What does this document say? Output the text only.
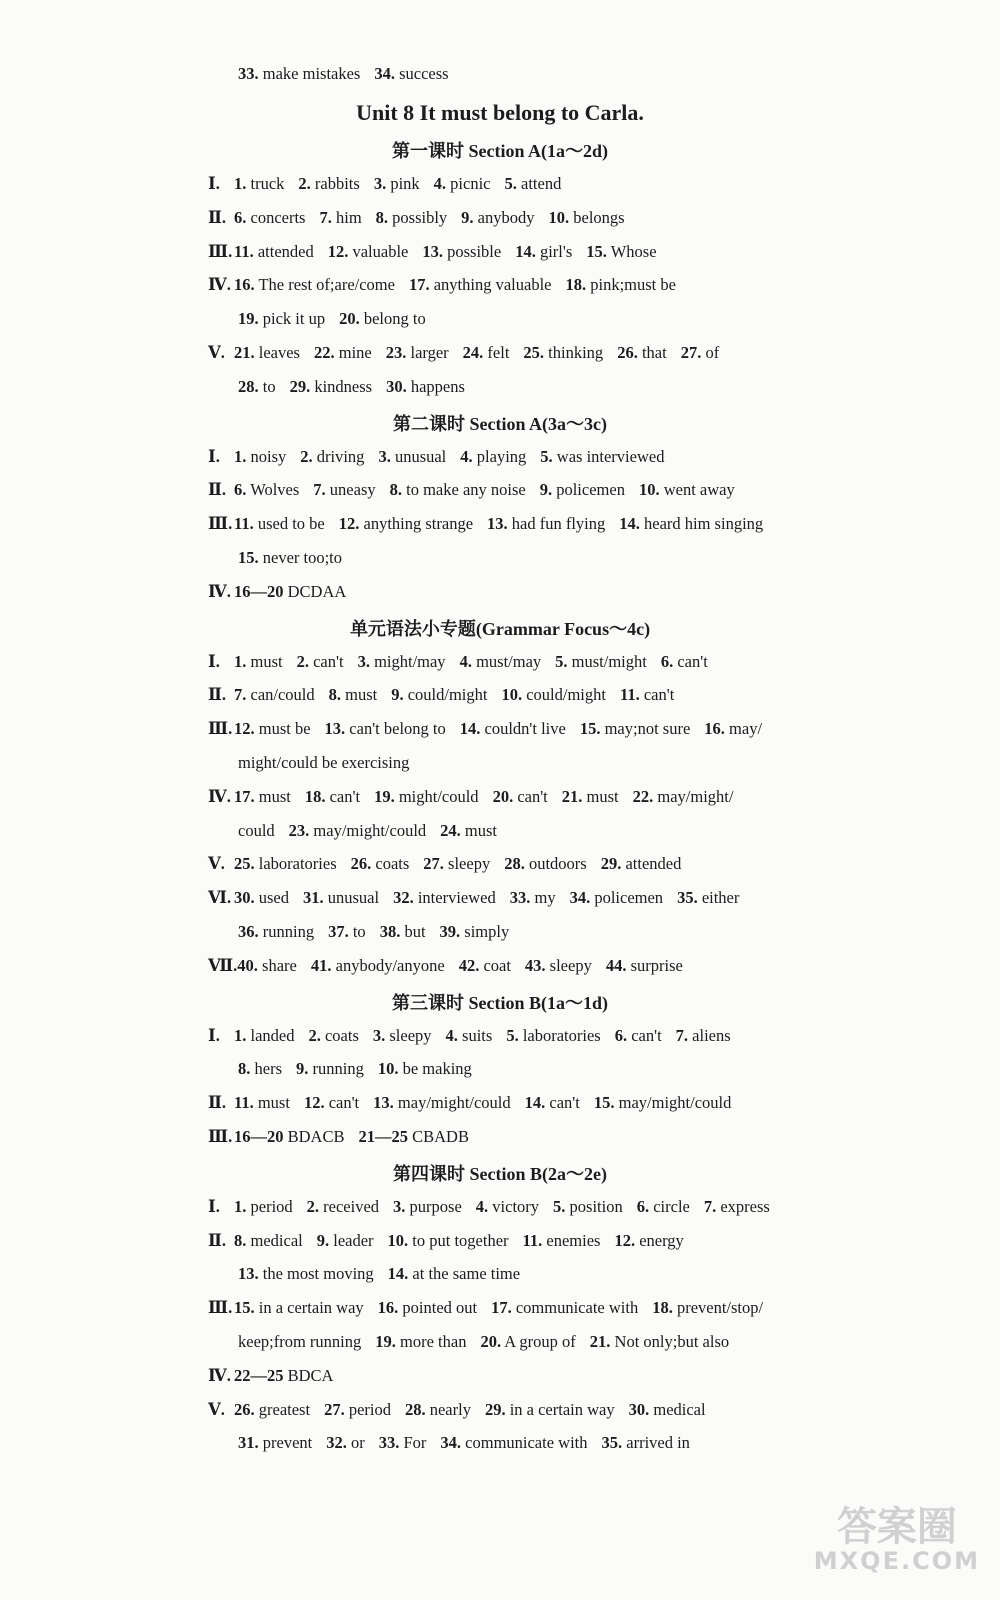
33. make mistakes 34. success
Unit 8 It must belong to Carla.
第一课时 Section A(1a～2d)
Ⅰ. 1. truck 2. rabbits 3. pink 4. picnic 5. attend
Ⅱ. 6. concerts 7. him 8. possibly 9. anybody 10. belongs
Ⅲ. 11. attended 12. valuable 13. possible 14. girl's 15. Whose
Ⅳ. 16. The rest of;are/come 17. anything valuable 18. pink;must be
19. pick it up 20. belong to
Ⅴ. 21. leaves 22. mine 23. larger 24. felt 25. thinking 26. that 27. of
28. to 29. kindness 30. happens
第二课时 Section A(3a～3c)
Ⅰ. 1. noisy 2. driving 3. unusual 4. playing 5. was interviewed
Ⅱ. 6. Wolves 7. uneasy 8. to make any noise 9. policemen 10. went away
Ⅲ. 11. used to be 12. anything strange 13. had fun flying 14. heard him singing
15. never too;to
Ⅳ. 16—20 DCDAA
单元语法小专题(Grammar Focus～4c)
Ⅰ. 1. must 2. can't 3. might/may 4. must/may 5. must/might 6. can't
Ⅱ. 7. can/could 8. must 9. could/might 10. could/might 11. can't
Ⅲ. 12. must be 13. can't belong to 14. couldn't live 15. may;not sure 16. may/
might/could be exercising
Ⅳ. 17. must 18. can't 19. might/could 20. can't 21. must 22. may/might/
could 23. may/might/could 24. must
Ⅴ. 25. laboratories 26. coats 27. sleepy 28. outdoors 29. attended
Ⅵ. 30. used 31. unusual 32. interviewed 33. my 34. policemen 35. either
36. running 37. to 38. but 39. simply
Ⅶ.40. share 41. anybody/anyone 42. coat 43. sleepy 44. surprise
第三课时 Section B(1a～1d)
Ⅰ. 1. landed 2. coats 3. sleepy 4. suits 5. laboratories 6. can't 7. aliens
8. hers 9. running 10. be making
Ⅱ. 11. must 12. can't 13. may/might/could 14. can't 15. may/might/could
Ⅲ. 16—20 BDACB 21—25 CBADB
第四课时 Section B(2a～2e)
Ⅰ. 1. period 2. received 3. purpose 4. victory 5. position 6. circle 7. express
Ⅱ. 8. medical 9. leader 10. to put together 11. enemies 12. energy
13. the most moving 14. at the same time
Ⅲ. 15. in a certain way 16. pointed out 17. communicate with 18. prevent/stop/
keep;from running 19. more than 20. A group of 21. Not only;but also
Ⅳ. 22—25 BDCA
Ⅴ. 26. greatest 27. period 28. nearly 29. in a certain way 30. medical
31. prevent 32. or 33. For 34. communicate with 35. arrived in
答案圈
MXQE.COM
